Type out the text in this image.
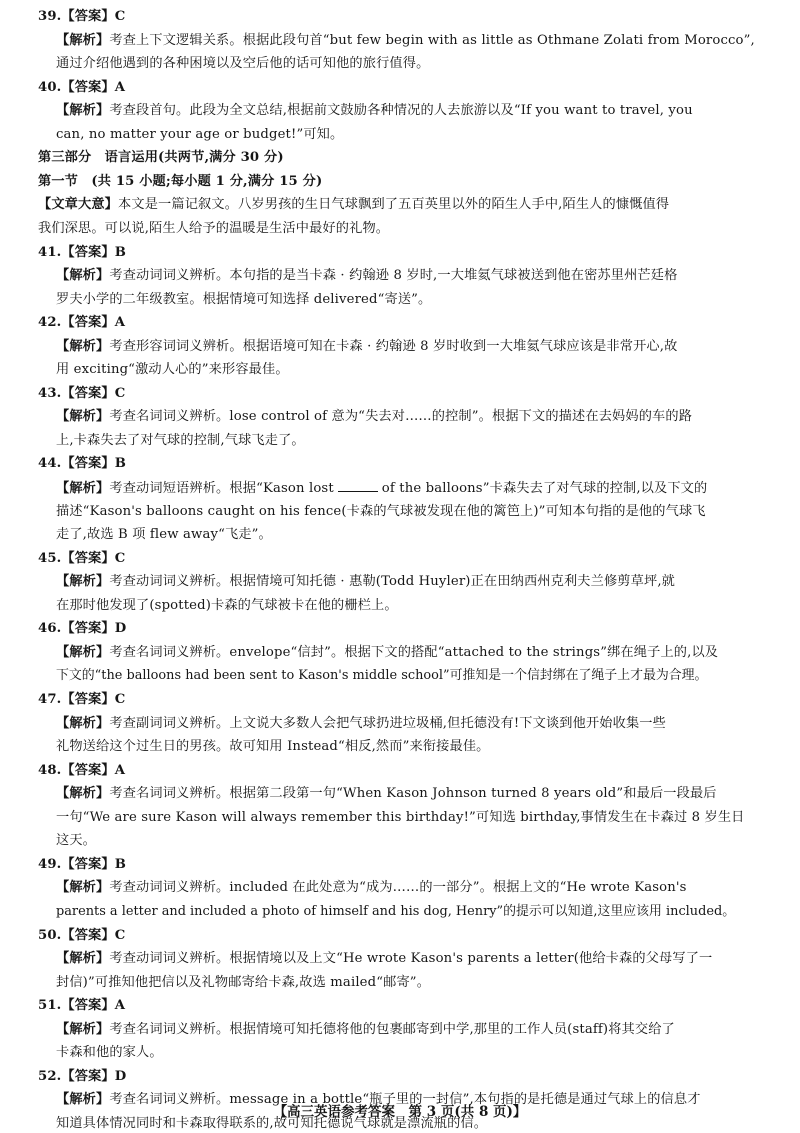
39.【答案】C
【解析】考查上下文逻辑关系。根据此段句首“but few begin with as little as Othmane Zolati from Morocco”,
通过介绍他遇到的各种困境以及空后他的话可知他的旅行值得。
40.【答案】A
【解析】考查段首句。此段为全文总结,根据前文鼓励各种情况的人去旅游以及“If you want to travel, you
can, no matter your age or budget!”可知。
第三部分　语言运用(共两节,满分 30 分)
第一节　(共 15 小题;每小题 1 分,满分 15 分)
【文章大意】本文是一篇记叙文。八岁男孩的生日气球飘到了五百英里以外的陌生人手中,陌生人的慷慨值得
我们深思。可以说,陌生人给予的温暖是生活中最好的礼物。
41.【答案】B
【解析】考查动词词义辨析。本句指的是当卡森 · 约翰逊 8 岁时,一大堆氦气球被送到他在密苏里州芒廷格
罗夫小学的二年级教室。根据情境可知选择 delivered“寄送”。
42.【答案】A
【解析】考查形容词词义辨析。根据语境可知在卡森 · 约翰逊 8 岁时收到一大堆氦气球应该是非常开心,故
用 exciting“激动人心的”来形容最佳。
43.【答案】C
【解析】考查名词词义辨析。lose control of 意为“失去对……的控制”。根据下文的描述在去妈妈的车的路
上,卡森失去了对气球的控制,气球飞走了。
44.【答案】B
【解析】考查动词短语辨析。根据“Kason lost	of the balloons”卡森失去了对气球的控制,以及下文的
描述“Kason's balloons caught on his fence(卡森的气球被发现在他的篱笆上)”可知本句指的是他的气球飞
走了,故选 B 项 flew away“飞走”。
45.【答案】C
【解析】考查动词词义辨析。根据情境可知托德 · 惠勒(Todd Huyler)正在田纳西州克利夫兰修剪草坪,就
在那时他发现了(spotted)卡森的气球被卡在他的栅栏上。
46.【答案】D
【解析】考查名词词义辨析。envelope“信封”。根据下文的搭配“attached to the strings”绑在绳子上的,以及
下文的“the balloons had been sent to Kason's middle school”可推知是一个信封绑在了绳子上才最为合理。
47.【答案】C
【解析】考查副词词义辨析。上文说大多数人会把气球扔进垃圾桶,但托德没有!下文谈到他开始收集一些
礼物送给这个过生日的男孩。故可知用 Instead“相反,然而”来衔接最佳。
48.【答案】A
【解析】考查名词词义辨析。根据第二段第一句“When Kason Johnson turned 8 years old”和最后一段最后
一句“We are sure Kason will always remember this birthday!”可知选 birthday,事情发生在卡森过 8 岁生日
这天。
49.【答案】B
【解析】考查动词词义辨析。included 在此处意为“成为……的一部分”。根据上文的“He wrote Kason's
parents a letter and included a photo of himself and his dog, Henry”的提示可以知道,这里应该用 included。
50.【答案】C
【解析】考查动词词义辨析。根据情境以及上文“He wrote Kason's parents a letter(他给卡森的父母写了一
封信)”可推知他把信以及礼物邮寄给卡森,故选 mailed“邮寄”。
51.【答案】A
【解析】考查名词词义辨析。根据情境可知托德将他的包裹邮寄到中学,那里的工作人员(staff)将其交给了
卡森和他的家人。
52.【答案】D
【解析】考查名词词义辨析。message in a bottle“瓶子里的一封信”,本句指的是托德是通过气球上的信息才
知道具体情况同时和卡森取得联系的,故可知托德说气球就是漂流瓶的信。
【高三英语参考答案　第 3 页(共 8 页)】
